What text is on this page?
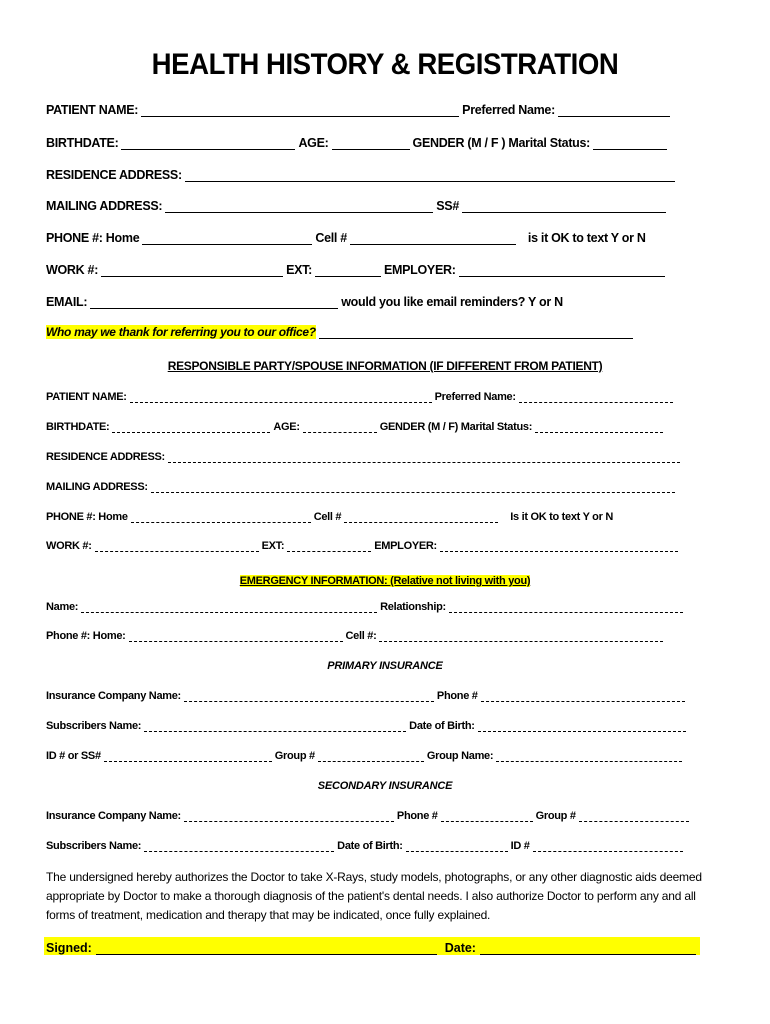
HEALTH HISTORY & REGISTRATION
PATIENT NAME:	Preferred Name:
BIRTHDATE:	AGE:	GENDER (M / F ) Marital Status:
RESIDENCE ADDRESS:
MAILING ADDRESS:	SS#
PHONE #: Home	Cell #	is it OK to text Y or N
WORK #:	EXT:	EMPLOYER:
EMAIL:	would you like email reminders? Y or N
Who may we thank for referring you to our office?
RESPONSIBLE PARTY/SPOUSE INFORMATION (IF DIFFERENT FROM PATIENT)
PATIENT NAME:	Preferred Name:
BIRTHDATE:	AGE:	GENDER (M / F) Marital Status:
RESIDENCE ADDRESS:
MAILING ADDRESS:
PHONE #: Home	Cell #	Is it OK to text Y or N
WORK #:	EXT:	EMPLOYER:
EMERGENCY INFORMATION: (Relative not living with you)
Name:	Relationship:
Phone #: Home:	Cell #:
PRIMARY INSURANCE
Insurance Company Name:	Phone #
Subscribers Name:	Date of Birth:
ID # or SS#	Group #	Group Name:
SECONDARY INSURANCE
Insurance Company Name:	Phone #	Group #
Subscribers Name:	Date of Birth:	ID #
The undersigned hereby authorizes the Doctor to take X-Rays, study models, photographs, or any other diagnostic aids deemed appropriate by Doctor to make a thorough diagnosis of the patient's dental needs. I also authorize Doctor to perform any and all forms of treatment, medication and therapy that may be indicated, once fully explained.
Signed:	Date:
